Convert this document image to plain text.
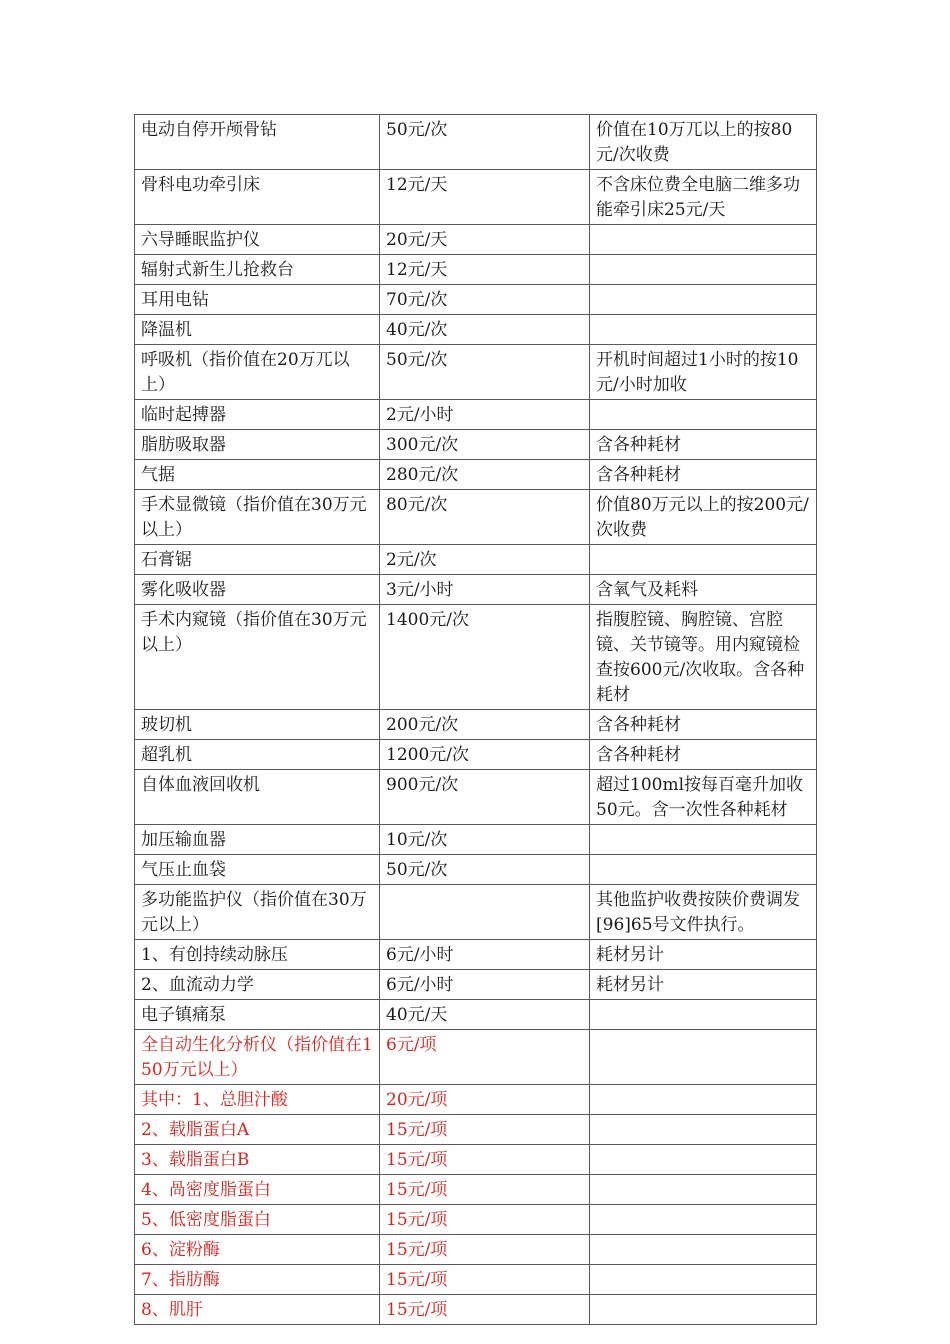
电动自停开颅骨钻	50元/次	价值在10万兀以上的按80元/次收费
骨科电功牵引床	12元/天	不含床位费全电脑二维多功能牵引床25元/天
六导睡眠监护仪	20元/天	
辐射式新生儿抢救台	12元/天	
耳用电钻	70元/次	
降温机	40元/次	
呼吸机（指价值在20万兀以上）	50元/次	开机时间超过1小时的按10元/小时加收
临时起搏器	2元/小时	
脂肪吸取器	300元/次	含各种耗材
气据	280元/次	含各种耗材
手术显微镜（指价值在30万元以上）	80元/次	价值80万元以上的按200元/次收费
石膏锯	2元/次	
雾化吸收器	3元/小时	含氧气及耗料
手术内窥镜（指价值在30万元以上）	1400元/次	指腹腔镜、胸腔镜、宫腔镜、关节镜等。用内窥镜检查按600元/次收取。含各种耗材
玻切机	200元/次	含各种耗材
超乳机	1200元/次	含各种耗材
自体血液回收机	900元/次	超过100ml按每百毫升加收50元。含一次性各种耗材
加压输血器	10元/次	
气压止血袋	50元/次	
多功能监护仪（指价值在30万元以上）		其他监护收费按陕价费调发[96]65号文件执行。
1、有创持续动脉压	6元/小时	耗材另计
2、血流动力学	6元/小时	耗材另计
电子镇痛泵	40元/天	
全自动生化分析仪（指价值在150万元以上）	6元/项	
其中：1、总胆汁酸	20元/项	
2、载脂蛋白A	15元/项	
3、载脂蛋白B	15元/项	
4、咼密度脂蛋白	15元/项	
5、低密度脂蛋白	15元/项	
6、淀粉酶	15元/项	
7、指肪酶	15元/项	
8、肌肝	15元/项	
